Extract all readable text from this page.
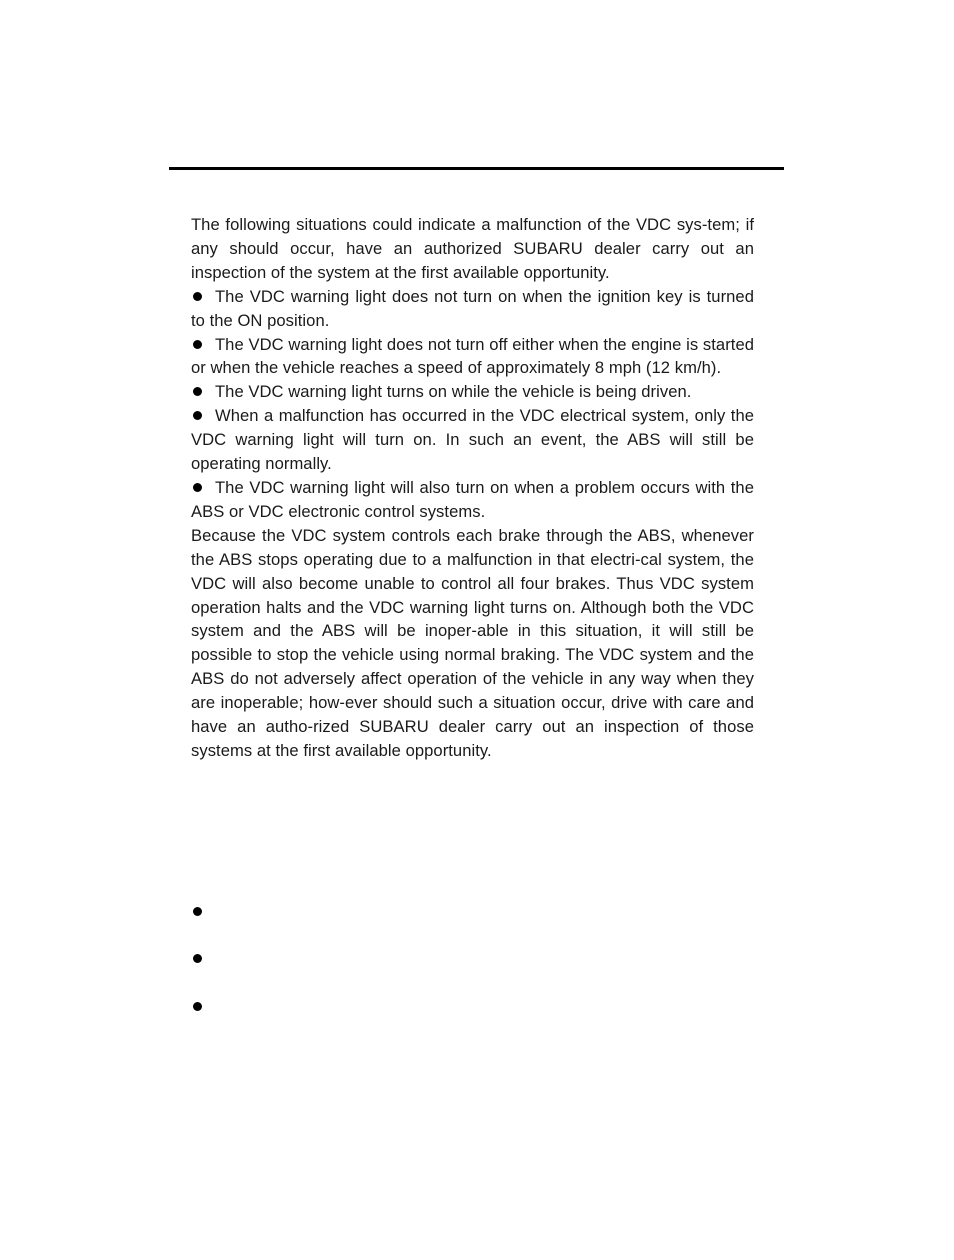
The following situations could indicate a malfunction of the VDC sys-tem; if any should occur, have an authorized SUBARU dealer carry out an inspection of the system at the first available opportunity.

The VDC warning light does not turn on when the ignition key is turned to the ON position.

The VDC warning light does not turn off either when the engine is started or when the vehicle reaches a speed of approximately 8 mph (12 km/h).

The VDC warning light turns on while the vehicle is being driven.

When a malfunction has occurred in the VDC electrical system, only the VDC warning light will turn on. In such an event, the ABS will still be operating normally.

The VDC warning light will also turn on when a problem occurs with the ABS or VDC electronic control systems.

Because the VDC system controls each brake through the ABS, whenever the ABS stops operating due to a malfunction in that electri-cal system, the VDC will also become unable to control all four brakes. Thus VDC system operation halts and the VDC warning light turns on. Although both the VDC system and the ABS will be inoper-able in this situation, it will still be possible to stop the vehicle using normal braking. The VDC system and the ABS do not adversely affect operation of the vehicle in any way when they are inoperable; how-ever should such a situation occur, drive with care and have an autho-rized SUBARU dealer carry out an inspection of those systems at the first available opportunity.
